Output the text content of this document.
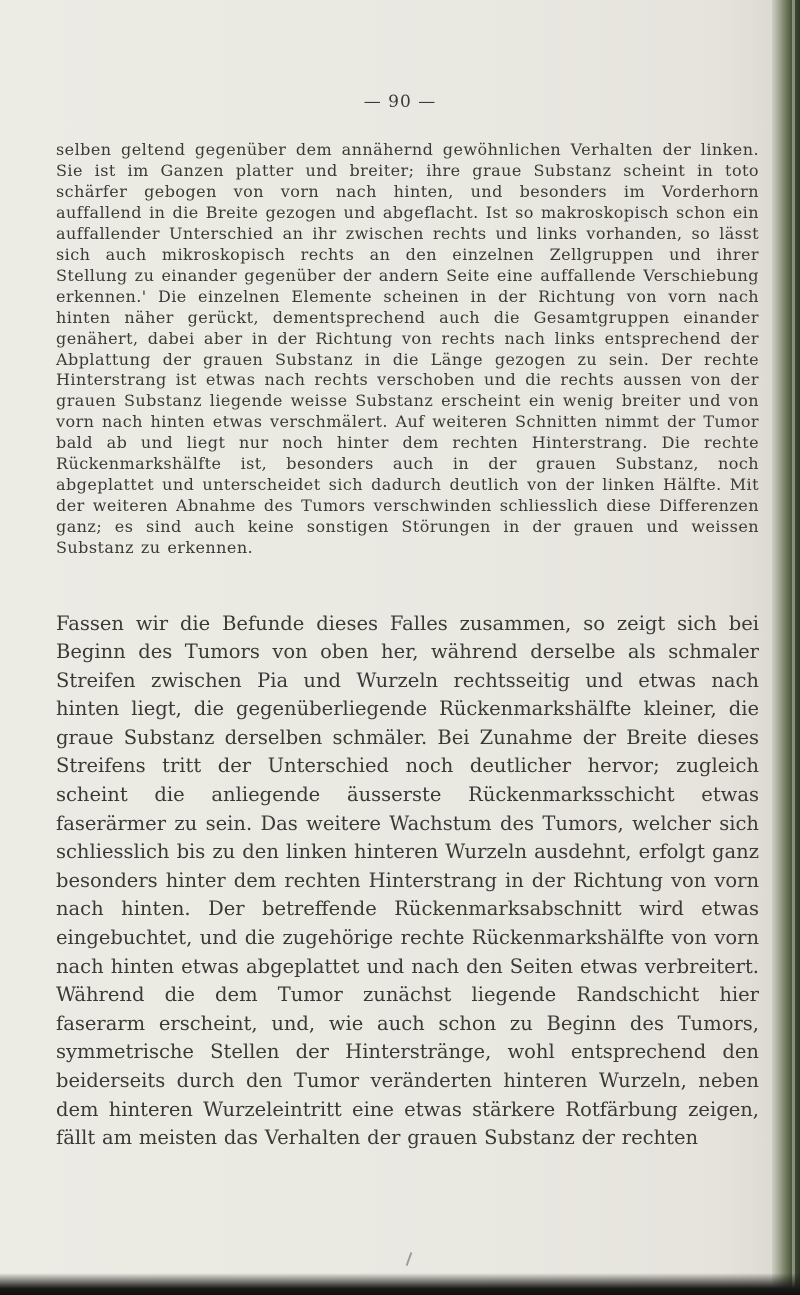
— 90 —

selben geltend gegenüber dem annähernd gewöhnlichen Verhalten der linken. Sie ist im Ganzen platter und breiter; ihre graue Substanz scheint in toto schärfer gebogen von vorn nach hinten, und besonders im Vorderhorn auffallend in die Breite gezogen und abgeflacht. Ist so makroskopisch schon ein auffallender Unterschied an ihr zwischen rechts und links vorhanden, so lässt sich auch mikroskopisch rechts an den einzelnen Zellgruppen und ihrer Stellung zu einander gegenüber der andern Seite eine auffallende Verschiebung erkennen.' Die einzelnen Elemente scheinen in der Richtung von vorn nach hinten näher gerückt, dementsprechend auch die Gesamtgruppen einander genähert, dabei aber in der Richtung von rechts nach links entsprechend der Abplattung der grauen Substanz in die Länge gezogen zu sein. Der rechte Hinterstrang ist etwas nach rechts verschoben und die rechts aussen von der grauen Substanz liegende weisse Substanz erscheint ein wenig breiter und von vorn nach hinten etwas verschmälert. Auf weiteren Schnitten nimmt der Tumor bald ab und liegt nur noch hinter dem rechten Hinterstrang. Die rechte Rückenmarkshälfte ist, besonders auch in der grauen Substanz, noch abgeplattet und unterscheidet sich dadurch deutlich von der linken Hälfte. Mit der weiteren Abnahme des Tumors verschwinden schliesslich diese Differenzen ganz; es sind auch keine sonstigen Störungen in der grauen und weissen Substanz zu erkennen.

Fassen wir die Befunde dieses Falles zusammen, so zeigt sich bei Beginn des Tumors von oben her, während derselbe als schmaler Streifen zwischen Pia und Wurzeln rechtsseitig und etwas nach hinten liegt, die gegenüberliegende Rückenmarkshälfte kleiner, die graue Substanz derselben schmäler. Bei Zunahme der Breite dieses Streifens tritt der Unterschied noch deutlicher hervor; zugleich scheint die anliegende äusserste Rückenmarksschicht etwas faserärmer zu sein. Das weitere Wachstum des Tumors, welcher sich schliesslich bis zu den linken hinteren Wurzeln ausdehnt, erfolgt ganz besonders hinter dem rechten Hinterstrang in der Richtung von vorn nach hinten. Der betreffende Rückenmarksabschnitt wird etwas eingebuchtet, und die zugehörige rechte Rückenmarkshälfte von vorn nach hinten etwas abgeplattet und nach den Seiten etwas verbreitert. Während die dem Tumor zunächst liegende Randschicht hier faserarm erscheint, und, wie auch schon zu Beginn des Tumors, symmetrische Stellen der Hinterstränge, wohl entsprechend den beiderseits durch den Tumor veränderten hinteren Wurzeln, neben dem hinteren Wurzeleintritt eine etwas stärkere Rotfärbung zeigen, fällt am meisten das Verhalten der grauen Substanz der rechten
